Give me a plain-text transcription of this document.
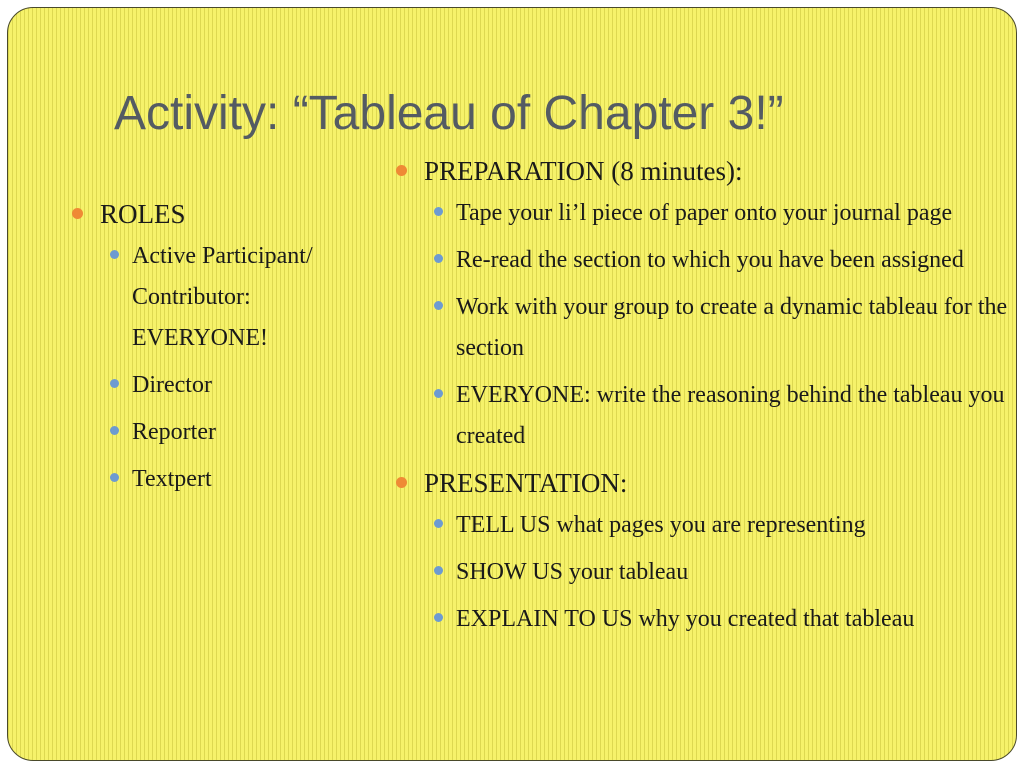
Activity: “Tableau of Chapter 3!”
ROLES
Active Participant/ Contributor: EVERYONE!
Director
Reporter
Textpert
PREPARATION (8 minutes):
Tape your li’l piece of paper onto your journal page
Re-read the section to which you have been assigned
Work with your group to create a dynamic tableau for the section
EVERYONE: write the reasoning behind the tableau you created
PRESENTATION:
TELL US what pages you are representing
SHOW US your tableau
EXPLAIN TO US why you created that tableau
